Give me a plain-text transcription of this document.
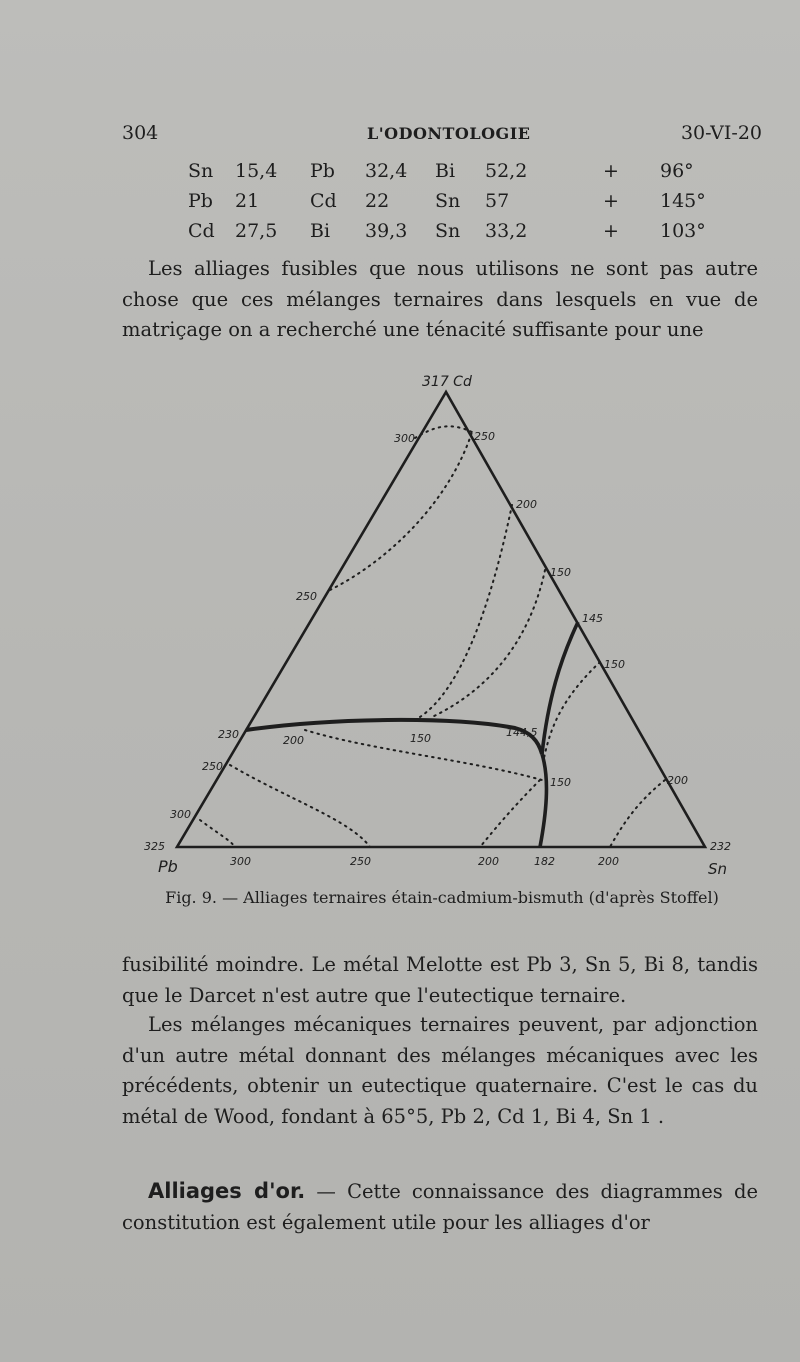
304	L'ODONTOLOGIE	30-VI-20
Sn 15,4 Pb 32,4 Bi 52,2	+ 96°
Pb 21	Cd 22 Sn 57	+ 145°
Cd 27,5 Bi 39,3 Sn 33,2	+ 103°

Les alliages fusibles que nous utilisons ne sont pas autre chose que ces mélanges ternaires dans lesquels en vue de matriçage on a recherché une ténacité suffisante pour une

317 Cd
325
Pb
232
Sn
300
250
230
250
300
250
200
150
145
150
200
300	250	200	182	200
200	150	144,5
150
Fig. 9. — Alliages ternaires étain-cadmium-bismuth (d'après Stoffel)

fusibilité moindre. Le métal Melotte est Pb 3, Sn 5, Bi 8, tandis que le Darcet n'est autre que l'eutectique ternaire.

Les mélanges mécaniques ternaires peuvent, par adjonction d'un autre métal donnant des mélanges mécaniques avec les précédents, obtenir un eutectique quaternaire. C'est le cas du métal de Wood, fondant à 65°5, Pb 2, Cd 1, Bi 4, Sn 1 .

Alliages d'or. — Cette connaissance des diagrammes de constitution est également utile pour les alliages d'or
